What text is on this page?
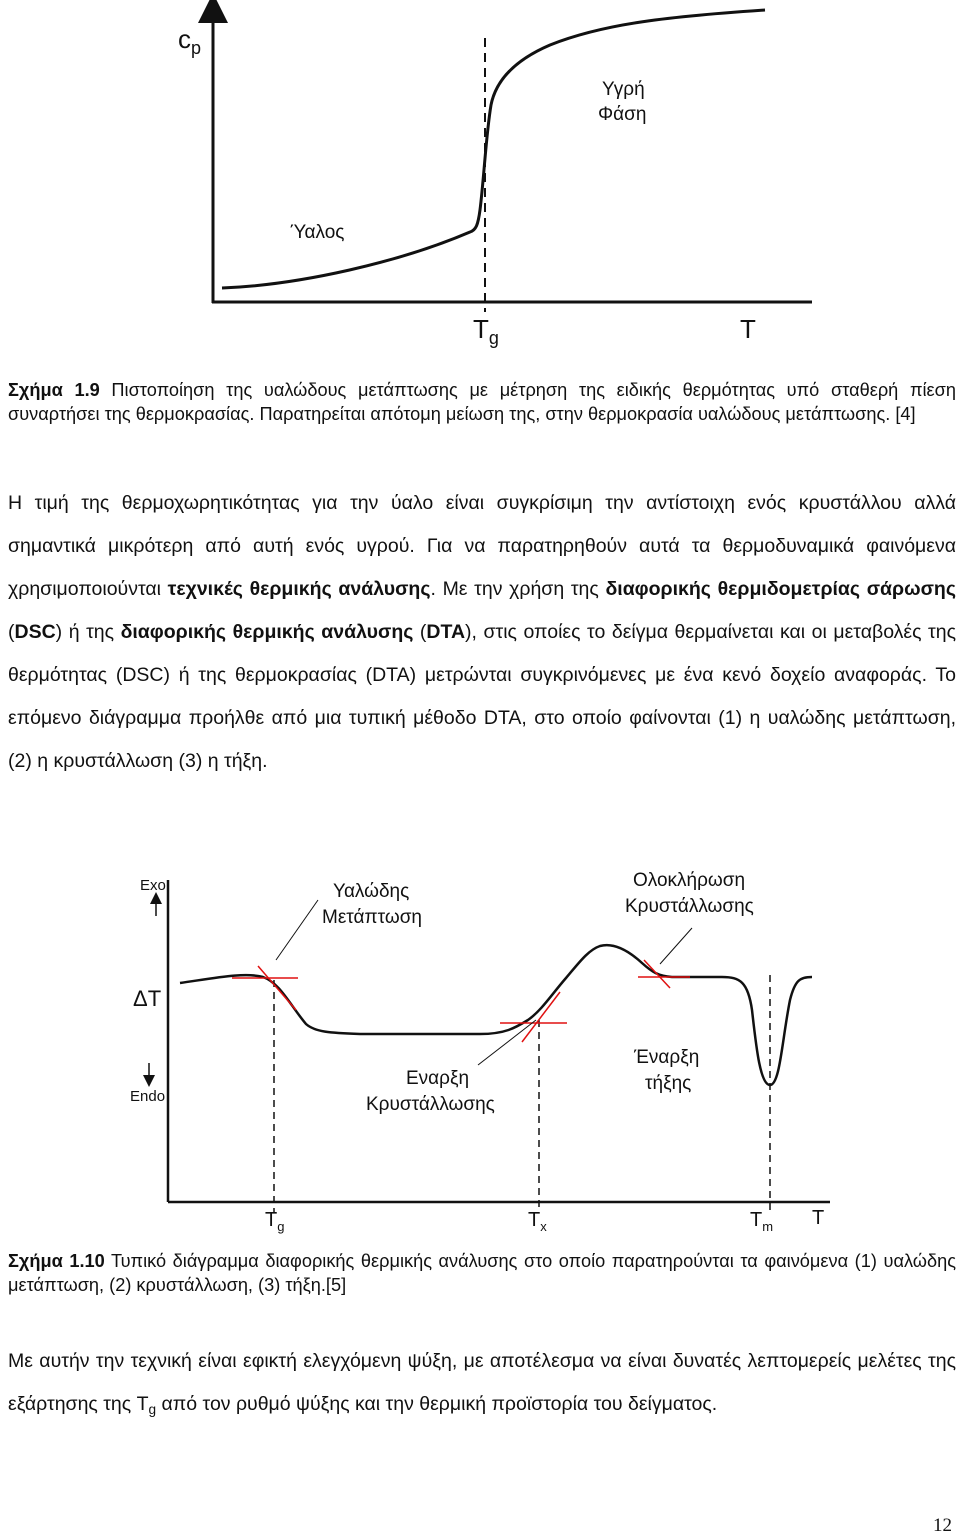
$c_p$
Ύαλος
Υγρή
Φάση
$T_g$	T

Σχήμα 1.9 Πιστοποίηση της υαλώδους μετάπτωσης με μέτρηση της ειδικής θερμότητας υπό σταθερή πίεση συναρτήσει της θερμοκρασίας. Παρατηρείται απότομη μείωση της, στην θερμοκρασία υαλώδους μετάπτωσης. [4]

Η τιμή της θερμοχωρητικότητας για την ύαλο είναι συγκρίσιμη την αντίστοιχη ενός κρυστάλλου αλλά σημαντικά μικρότερη από αυτή ενός υγρού. Για να παρατηρηθούν αυτά τα θερμοδυναμικά φαινόμενα χρησιμοποιούνται τεχνικές θερμικής ανάλυσης. Με την χρήση της διαφορικής θερμιδομετρίας σάρωσης (DSC) ή της διαφορικής θερμικής ανάλυσης (DTA), στις οποίες το δείγμα θερμαίνεται και οι μεταβολές της θερμότητας (DSC) ή της θερμοκρασίας (DTA) μετρώνται συγκρινόμενες με ένα κενό δοχείο αναφοράς. Το επόμενο διάγραμμα προήλθε από μια τυπική μέθοδο DTA, στο οποίο φαίνονται (1) η υαλώδης μετάπτωση, (2) η κρυστάλλωση (3) η τήξη.

Exo
Endo
ΔT
Υαλώδης
Μετάπτωση
Ολοκλήρωση
Κρυστάλλωσης
Εναρξη
Κρυστάλλωσης
Έναρξη
τήξης
$T_g$	$T_x$	$T_m$ T

Σχήμα 1.10 Τυπικό διάγραμμα διαφορικής θερμικής ανάλυσης στο οποίο παρατηρούνται τα φαινόμενα (1) υαλώδης μετάπτωση, (2) κρυστάλλωση, (3) τήξη.[5]

Με αυτήν την τεχνική είναι εφικτή ελεγχόμενη ψύξη, με αποτέλεσμα να είναι δυνατές λεπτομερείς μελέτες της εξάρτησης της $T_g$ από τον ρυθμό ψύξης και την θερμική προϊστορία του δείγματος.

12
